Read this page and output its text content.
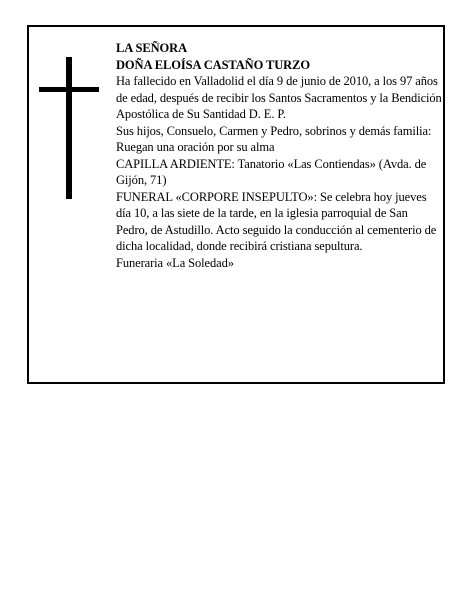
LA SEÑORA

DOÑA ELOÍSA CASTAÑO TURZO

Ha fallecido en Valladolid el día 9 de junio de 2010, a los 97 años de edad, después de recibir los Santos Sacramentos y la Bendición Apostólica de Su Santidad D. E. P.

Sus hijos, Consuelo, Carmen y Pedro, sobrinos y demás familia:

Ruegan una oración por su alma

CAPILLA ARDIENTE: Tanatorio «Las Contiendas» (Avda. de Gijón, 71)

FUNERAL «CORPORE INSEPULTO»: Se celebra hoy jueves día 10, a las siete de la tarde, en la iglesia parroquial de San Pedro, de Astudillo. Acto seguido la conducción al cementerio de dicha localidad, donde recibirá cristiana sepultura.

Funeraria «La Soledad»
